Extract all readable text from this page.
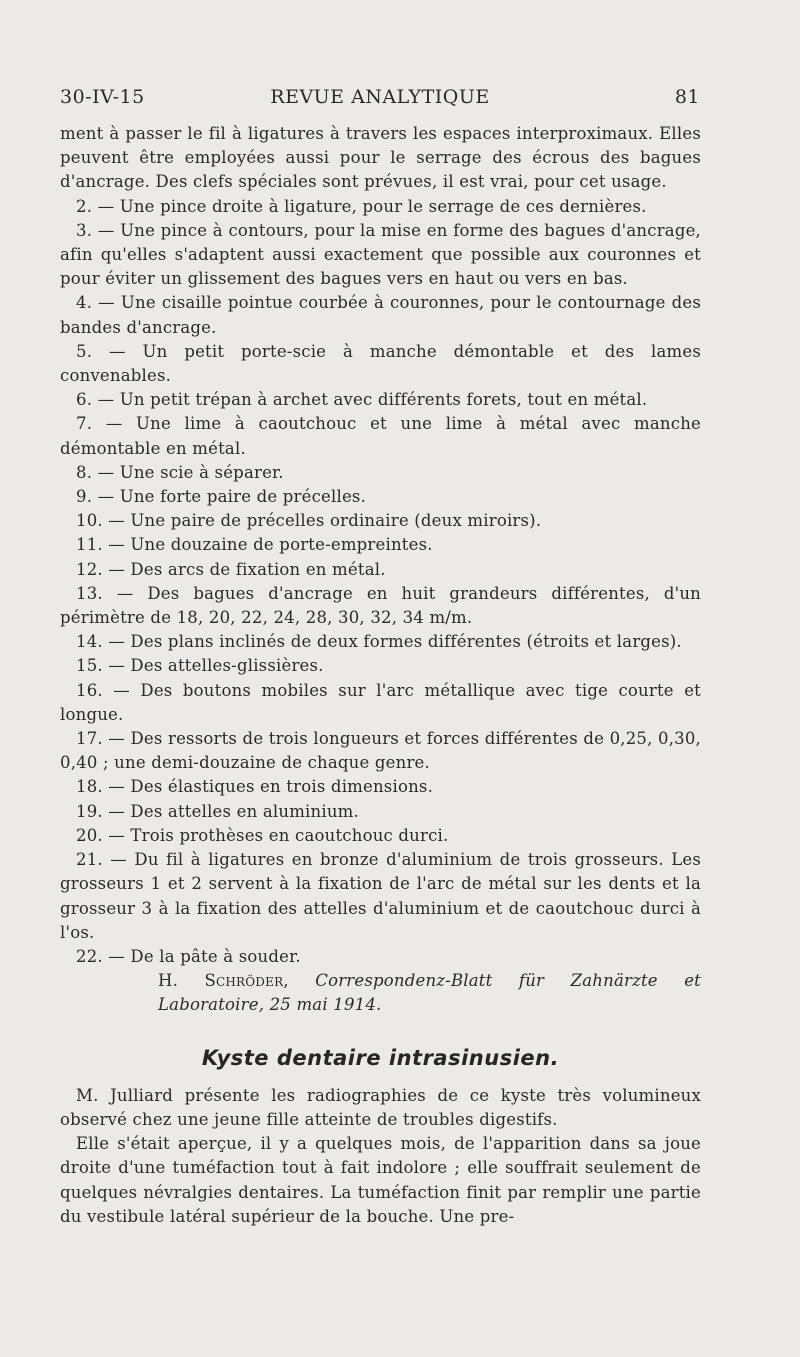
30-IV-15	REVUE ANALYTIQUE	81

ment à passer le fil à ligatures à travers les espaces interproximaux. Elles peuvent être employées aussi pour le serrage des écrous des bagues d'ancrage. Des clefs spéciales sont prévues, il est vrai, pour cet usage.

2. — Une pince droite à ligature, pour le serrage de ces dernières.

3. — Une pince à contours, pour la mise en forme des bagues d'ancrage, afin qu'elles s'adaptent aussi exactement que possible aux couronnes et pour éviter un glissement des bagues vers en haut ou vers en bas.

4. — Une cisaille pointue courbée à couronnes, pour le contournage des bandes d'ancrage.

5. — Un petit porte-scie à manche démontable et des lames convenables.

6. — Un petit trépan à archet avec différents forets, tout en métal.

7. — Une lime à caoutchouc et une lime à métal avec manche démontable en métal.

8. — Une scie à séparer.

9. — Une forte paire de précelles.

10. — Une paire de précelles ordinaire (deux miroirs).

11. — Une douzaine de porte-empreintes.

12. — Des arcs de fixation en métal.

13. — Des bagues d'ancrage en huit grandeurs différentes, d'un périmètre de 18, 20, 22, 24, 28, 30, 32, 34 m/m.

14. — Des plans inclinés de deux formes différentes (étroits et larges).

15. — Des attelles-glissières.

16. — Des boutons mobiles sur l'arc métallique avec tige courte et longue.

17. — Des ressorts de trois longueurs et forces différentes de 0,25, 0,30, 0,40 ; une demi-douzaine de chaque genre.

18. — Des élastiques en trois dimensions.

19. — Des attelles en aluminium.

20. — Trois prothèses en caoutchouc durci.

21. — Du fil à ligatures en bronze d'aluminium de trois grosseurs. Les grosseurs 1 et 2 servent à la fixation de l'arc de métal sur les dents et la grosseur 3 à la fixation des attelles d'aluminium et de caoutchouc durci à l'os.

22. — De la pâte à souder.

H. Schröder, Correspondenz-Blatt für Zahnärzte et Laboratoire, 25 mai 1914.

Kyste dentaire intrasinusien.

M. Julliard présente les radiographies de ce kyste très volumineux observé chez une jeune fille atteinte de troubles digestifs.

Elle s'était aperçue, il y a quelques mois, de l'apparition dans sa joue droite d'une tuméfaction tout à fait indolore ; elle souffrait seulement de quelques névralgies dentaires. La tuméfaction finit par remplir une partie du vestibule latéral supérieur de la bouche. Une pre-
